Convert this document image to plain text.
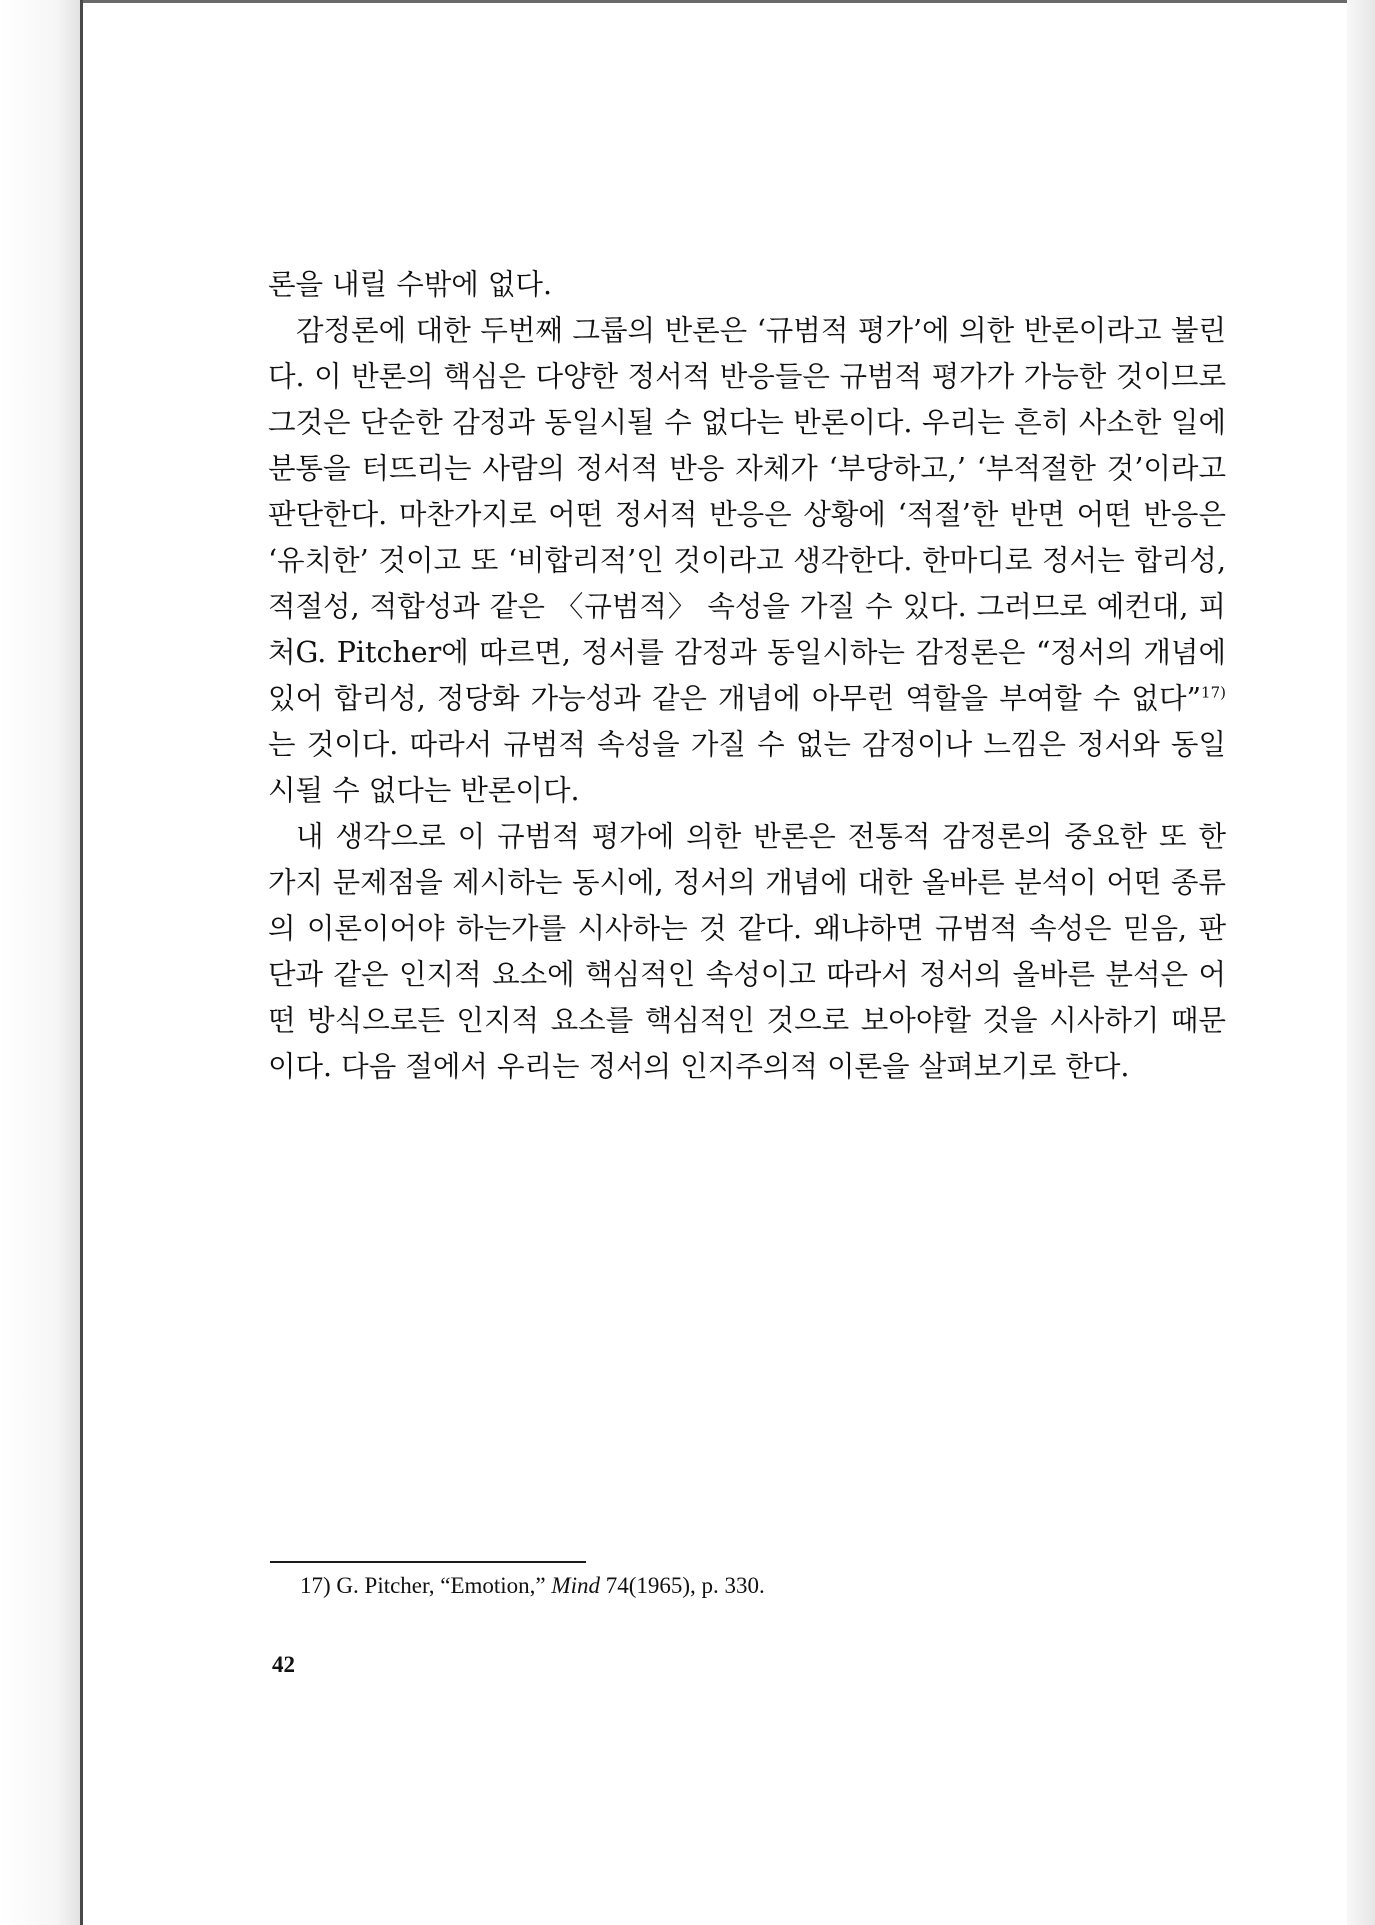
론을 내릴 수밖에 없다.

감정론에 대한 두번째 그룹의 반론은 ‘규범적 평가’에 의한 반론이라고 불린다. 이 반론의 핵심은 다양한 정서적 반응들은 규범적 평가가 가능한 것이므로 그것은 단순한 감정과 동일시될 수 없다는 반론이다. 우리는 흔히 사소한 일에 분통을 터뜨리는 사람의 정서적 반응 자체가 ‘부당하고,’ ‘부적절한 것’이라고 판단한다. 마찬가지로 어떤 정서적 반응은 상황에 ‘적절’한 반면 어떤 반응은 ‘유치한’ 것이고 또 ‘비합리적’인 것이라고 생각한다. 한마디로 정서는 합리성, 적절성, 적합성과 같은 〈규범적〉 속성을 가질 수 있다. 그러므로 예컨대, 피처G. Pitcher에 따르면, 정서를 감정과 동일시하는 감정론은 “정서의 개념에 있어 합리성, 정당화 가능성과 같은 개념에 아무런 역할을 부여할 수 없다”$^{17)}$는 것이다. 따라서 규범적 속성을 가질 수 없는 감정이나 느낌은 정서와 동일시될 수 없다는 반론이다.

내 생각으로 이 규범적 평가에 의한 반론은 전통적 감정론의 중요한 또 한 가지 문제점을 제시하는 동시에, 정서의 개념에 대한 올바른 분석이 어떤 종류의 이론이어야 하는가를 시사하는 것 같다. 왜냐하면 규범적 속성은 믿음, 판단과 같은 인지적 요소에 핵심적인 속성이고 따라서 정서의 올바른 분석은 어떤 방식으로든 인지적 요소를 핵심적인 것으로 보아야할 것을 시사하기 때문이다. 다음 절에서 우리는 정서의 인지주의적 이론을 살펴보기로 한다.

17) G. Pitcher, “Emotion,” Mind 74(1965), p. 330.
42
